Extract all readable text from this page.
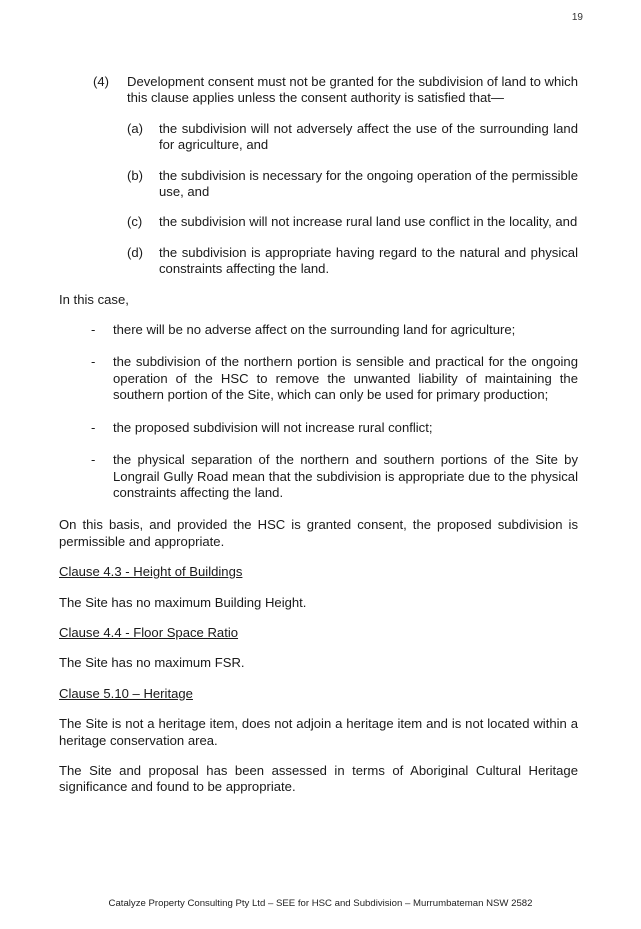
19
(4)	Development consent must not be granted for the subdivision of land to which this clause applies unless the consent authority is satisfied that—
(a)	the subdivision will not adversely affect the use of the surrounding land for agriculture, and
(b)	the subdivision is necessary for the ongoing operation of the permissible use, and
(c)	the subdivision will not increase rural land use conflict in the locality, and
(d)	the subdivision is appropriate having regard to the natural and physical constraints affecting the land.

In this case,

-	there will be no adverse affect on the surrounding land for agriculture;
-	the subdivision of the northern portion is sensible and practical for the ongoing operation of the HSC to remove the unwanted liability of maintaining the southern portion of the Site, which can only be used for primary production;
-	the proposed subdivision will not increase rural conflict;
-	the physical separation of the northern and southern portions of the Site by Longrail Gully Road mean that the subdivision is appropriate due to the physical constraints affecting the land.

On this basis, and provided the HSC is granted consent, the proposed subdivision is permissible and appropriate.

Clause 4.3 - Height of Buildings

The Site has no maximum Building Height.

Clause 4.4 - Floor Space Ratio

The Site has no maximum FSR.

Clause 5.10 – Heritage

The Site is not a heritage item, does not adjoin a heritage item and is not located within a heritage conservation area.

The Site and proposal has been assessed in terms of Aboriginal Cultural Heritage significance and found to be appropriate.

Catalyze Property Consulting Pty Ltd – SEE for HSC and Subdivision – Murrumbateman NSW 2582
